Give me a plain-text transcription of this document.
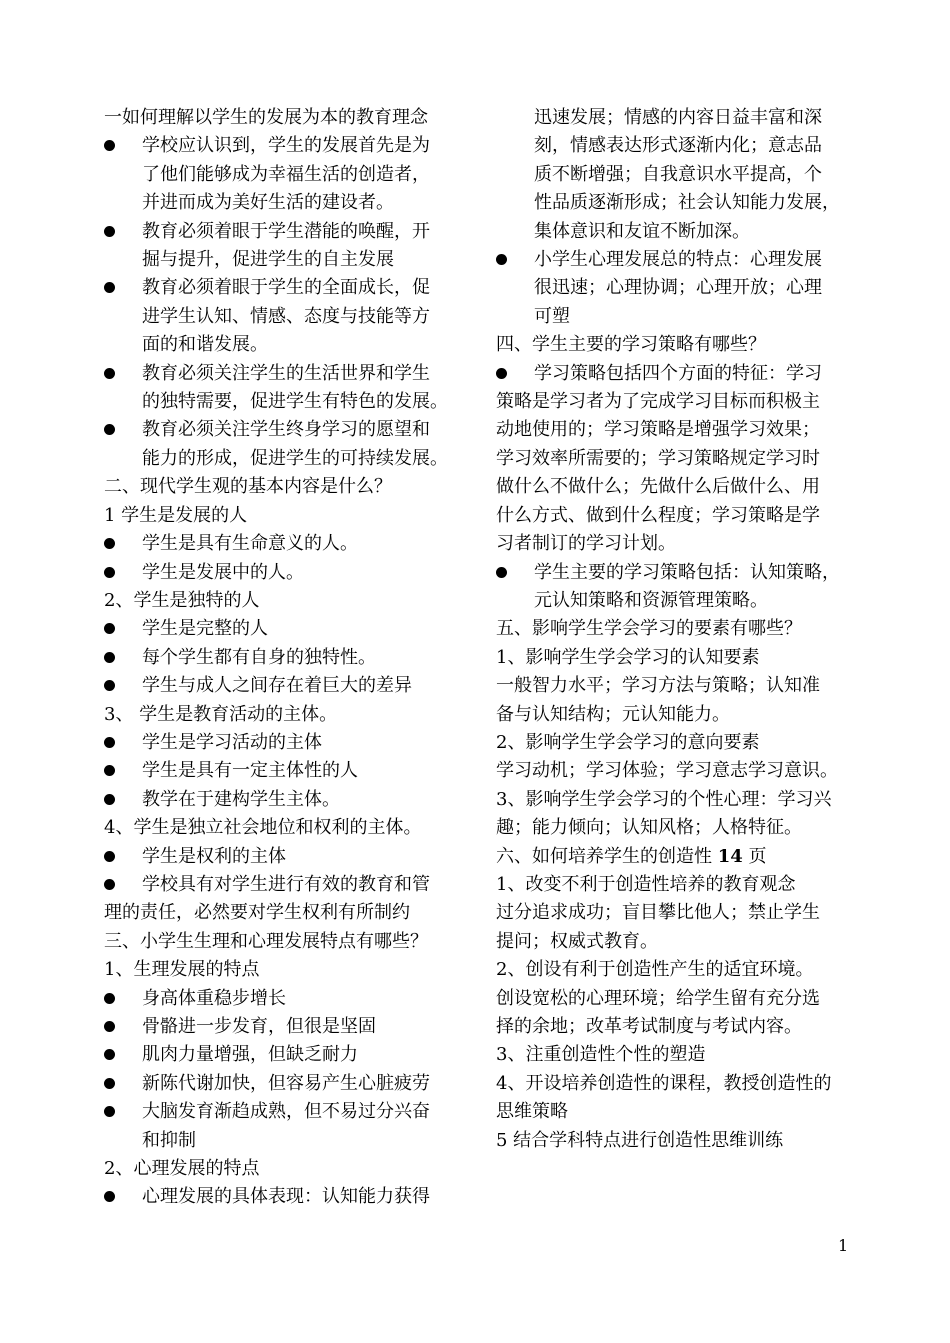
一如何理解以学生的发展为本的教育理念
学校应认识到，学生的发展首先是为
了他们能够成为幸福生活的创造者，
并进而成为美好生活的建设者。
教育必须着眼于学生潜能的唤醒，开
掘与提升，促进学生的自主发展
教育必须着眼于学生的全面成长，促
进学生认知、情感、态度与技能等方
面的和谐发展。
教育必须关注学生的生活世界和学生
的独特需要，促进学生有特色的发展。
教育必须关注学生终身学习的愿望和
能力的形成，促进学生的可持续发展。
二、现代学生观的基本内容是什么？
1 学生是发展的人
学生是具有生命意义的人。
学生是发展中的人。
2、学生是独特的人
学生是完整的人
每个学生都有自身的独特性。
学生与成人之间存在着巨大的差异
3、 学生是教育活动的主体。
学生是学习活动的主体
学生是具有一定主体性的人
教学在于建构学生主体。
4、学生是独立社会地位和权利的主体。
学生是权利的主体
学校具有对学生进行有效的教育和管
理的责任，必然要对学生权利有所制约
三、小学生生理和心理发展特点有哪些？
1、生理发展的特点
身高体重稳步增长
骨骼进一步发育，但很是坚固
肌肉力量增强，但缺乏耐力
新陈代谢加快，但容易产生心脏疲劳
大脑发育渐趋成熟，但不易过分兴奋
和抑制
2、心理发展的特点
心理发展的具体表现：认知能力获得
迅速发展；情感的内容日益丰富和深
刻，情感表达形式逐渐内化；意志品
质不断增强；自我意识水平提高，个
性品质逐渐形成；社会认知能力发展，
集体意识和友谊不断加深。
小学生心理发展总的特点：心理发展
很迅速；心理协调；心理开放；心理
可塑
四、学生主要的学习策略有哪些？
学习策略包括四个方面的特征：学习
策略是学习者为了完成学习目标而积极主
动地使用的；学习策略是增强学习效果；
学习效率所需要的；学习策略规定学习时
做什么不做什么；先做什么后做什么、用
什么方式、做到什么程度；学习策略是学
习者制订的学习计划。
学生主要的学习策略包括：认知策略，
元认知策略和资源管理策略。
五、影响学生学会学习的要素有哪些？
1、影响学生学会学习的认知要素
一般智力水平；学习方法与策略；认知准
备与认知结构；元认知能力。
2、影响学生学会学习的意向要素
学习动机；学习体验；学习意志学习意识。
3、影响学生学会学习的个性心理：学习兴
趣；能力倾向；认知风格；人格特征。
六、如何培养学生的创造性 14 页
1、改变不利于创造性培养的教育观念
过分追求成功；盲目攀比他人；禁止学生
提问；权威式教育。
2、创设有利于创造性产生的适宜环境。
创设宽松的心理环境；给学生留有充分选
择的余地；改革考试制度与考试内容。
3、注重创造性个性的塑造
4、开设培养创造性的课程，教授创造性的
思维策略
5 结合学科特点进行创造性思维训练
1
